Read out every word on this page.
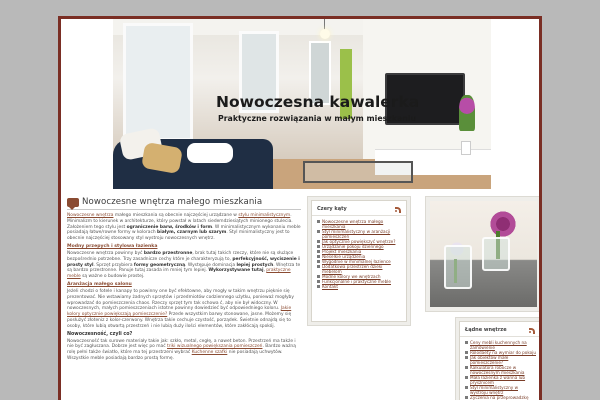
Nowoczesna kawalerka
Praktyczne rozwiązania w małym mieszkaniu
Nowoczesne wnętrza małego mieszkania

Nowoczesne wnętrza małego mieszkania są obecnie najczęściej urządzane w stylu minimalistycznym. Minimalizm to kierunek w architekturze, który powstał w latach siedemdziesiątych minionego stulecia. Założeniem tego stylu jest ograniczenie barw, środków i form. W minimalistycznym wykonaniu meble posiadają łatwe/rowne formy w kolorach białym, czarnym lub szarym. Styl minimalistyczny jest to obecnie najczęściej stosowany styl wystroju nowoczesnych wnętrz.

Modny przepych i stylowa łazienka

Nowoczesne wnętrza powinny być bardzo przestronne, brak tutaj takich rzeczy, które nie są służące bezpośrednio potrzebne. Trzy zasadnicze cechy które je charakteryzują to, perfekcyjność, wyciszenie i prosty styl. Sprzęt przybiera formy geometryczną. Występuje dominacja lepiej prostych. Wnętrza te są bardzo przestronne. Panuje tutaj zasada im mniej tym lepiej. Wykorzystywane tutaj, praktyczne meble są ważne o budowie prostej.

Aranżacja małego salonu

Jeżeli chodzi o fotele i kanapy to powinny one być efektowne, aby mogły w takim wnętrzu pięknie się prezentować. Nie wstawiamy żadnych sprzętów i przedmiotów codziennego użytku, ponieważ mogłyby wprowadzać do pomieszczenia chaos. Rzeczy sprzęt tym tak schowa ć, aby nie był widoczny. W nowoczesnych, małych pomieszczeniach istotne powinny dowiedzieć być odpowiedniego koloru. Jakie kolory optycznie powiększają pomieszczenie? Przede wszystkim barwy stonowane, jasne. Możemy się posłużyć złoteniz z kolor-czerwony. Wnętrza takie cechuje czystość, porządek. Świetnie odnajdą się to osoby, które lubią otwartą przestrzeń i nie lubią duży ilości elementów, które zakłócają spokój.

Nowoczesność, czyli co?

Nowoczesność tak surowe materiały takie jak: szkło, metal, cegłę, a nawet beton. Przestrzeń ma także i nie być zagłuszana. Dobrze jest więc po mać triki wizualnego powiększania pomieszczeń. Bardzo ważną rolę pełni także światło, które ma tej przestrzeni wybrać Kuchenne szafki nie posiadają uchwytów. Wszystkie meble posiadają bardzo prostą formę.

Czery kąty
Nowoczesne wnętrza małego mieszkania
Styl minimalistyczny w aranżacji pomieszczeń
Jak optycznie powiększyć wnętrze?
Urządzanie pokoju dziennego
Projekt mieszkania
Nieselkie urządzenia
Wygodnie w minimalnej łazience
Dodatkowa przestrzeń dzieki mebelom
Modne kolory we wnętrzach
Funkcjonalne i praktyczne meble
Kontakt
Łądne wnętrze
Ceny mebli kuchennych na zamówienie
Rolodaety na wymiar do pokoju
Jak obiektów małe pomieszczenie?
Kalkulatora robocze w nowoczesnym mieszkania
Mała łazienka z wanna lub prysznicem
Styl minimalistyczny w wystroju wnętrz
Zyczenia na przeprowadzkę
